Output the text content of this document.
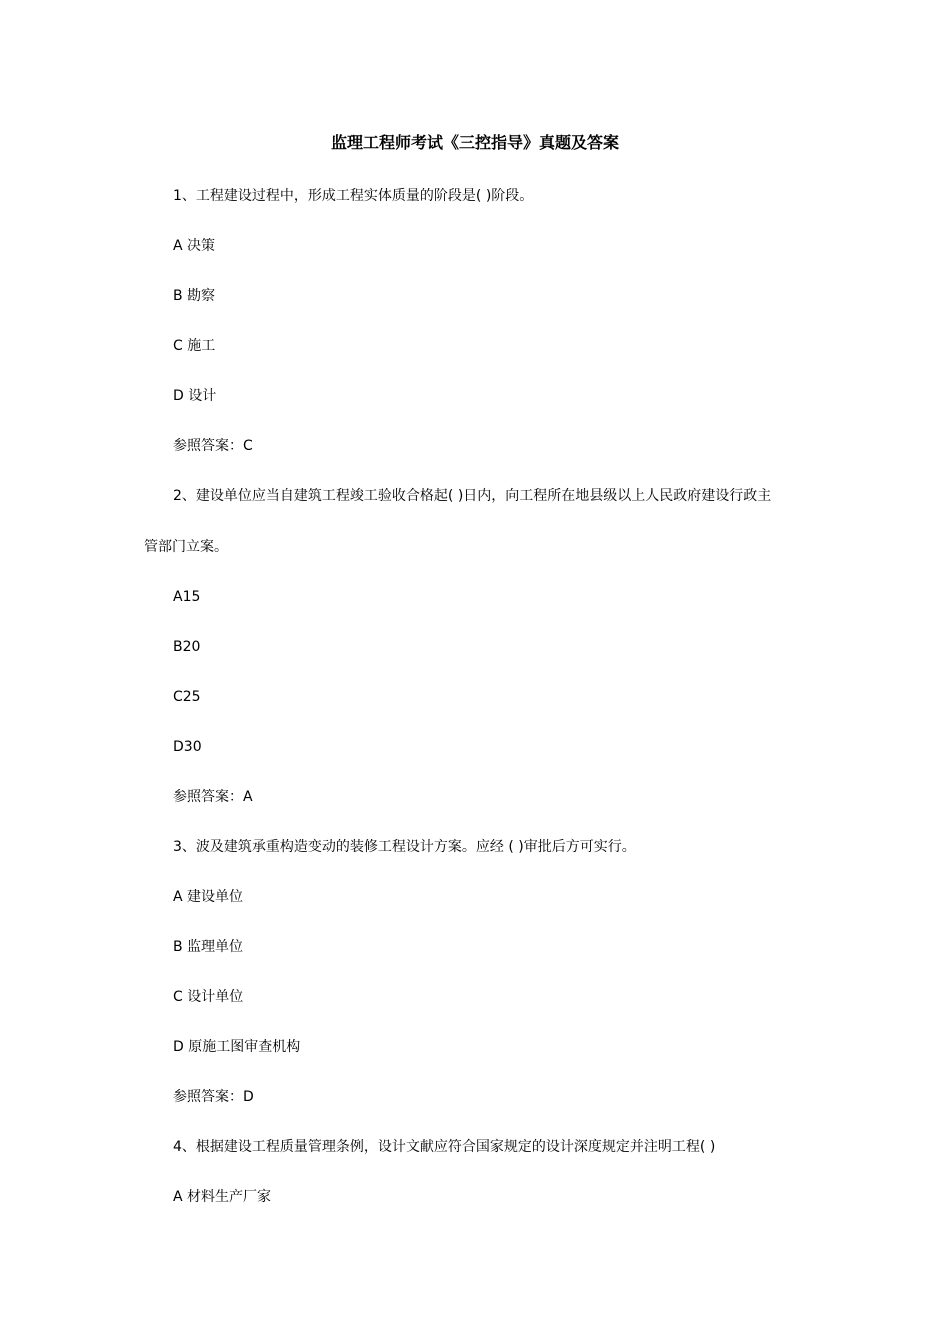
监理工程师考试《三控指导》真题及答案
1、工程建设过程中，形成工程实体质量的阶段是( )阶段。
A 决策
B 勘察
C 施工
D 设计
参照答案：C
2、建设单位应当自建筑工程竣工验收合格起( )日内，向工程所在地县级以上人民政府建设行政主
管部门立案。
A15
B20
C25
D30
参照答案：A
3、波及建筑承重构造变动的装修工程设计方案。应经 ( )审批后方可实行。
A 建设单位
B 监理单位
C 设计单位
D 原施工图审查机构
参照答案：D
4、根据建设工程质量管理条例，设计文献应符合国家规定的设计深度规定并注明工程( )
A 材料生产厂家
